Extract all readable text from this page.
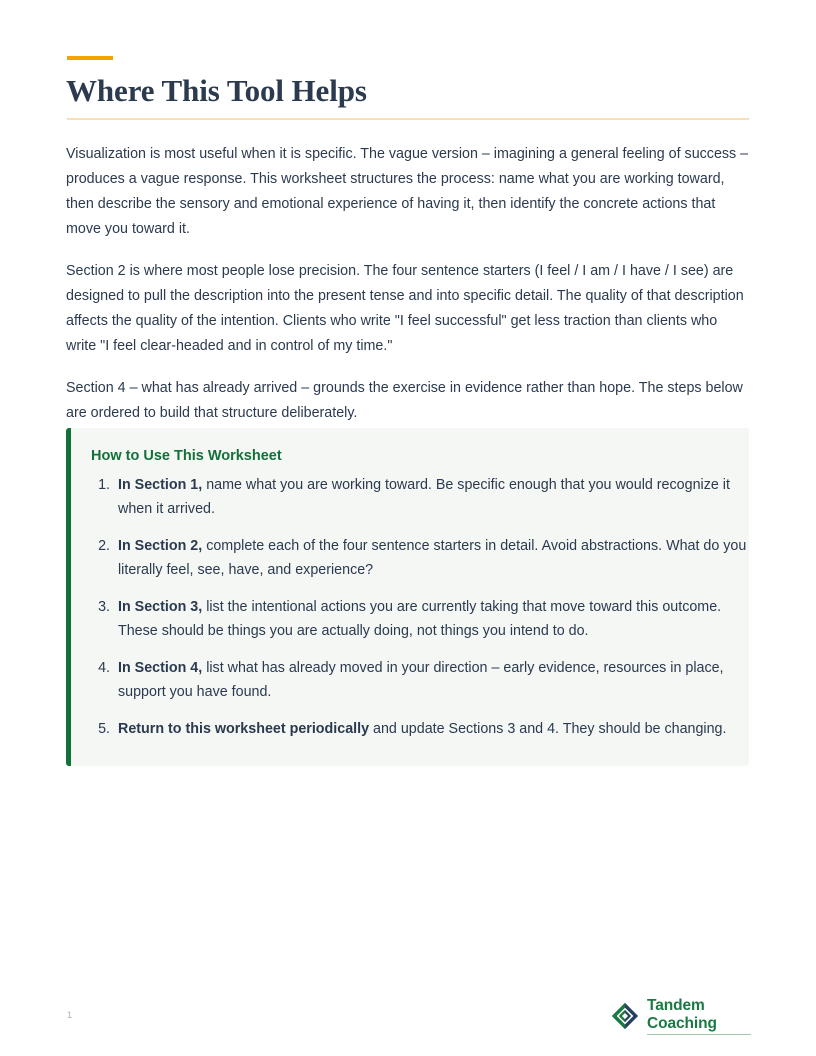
Where This Tool Helps

Visualization is most useful when it is specific. The vague version – imagining a general feeling of success – produces a vague response. This worksheet structures the process: name what you are working toward, then describe the sensory and emotional experience of having it, then identify the concrete actions that move you toward it.

Section 2 is where most people lose precision. The four sentence starters (I feel / I am / I have / I see) are designed to pull the description into the present tense and into specific detail. The quality of that description affects the quality of the intention. Clients who write "I feel successful" get less traction than clients who write "I feel clear-headed and in control of my time."

Section 4 – what has already arrived – grounds the exercise in evidence rather than hope. The steps below are ordered to build that structure deliberately.

How to Use This Worksheet
1. In Section 1, name what you are working toward. Be specific enough that you would recognize it when it arrived.
2. In Section 2, complete each of the four sentence starters in detail. Avoid abstractions. What do you literally feel, see, have, and experience?
3. In Section 3, list the intentional actions you are currently taking that move toward this outcome. These should be things you are actually doing, not things you intend to do.
4. In Section 4, list what has already moved in your direction – early evidence, resources in place, support you have found.
5. Return to this worksheet periodically and update Sections 3 and 4. They should be changing.
1
Tandem Coaching
